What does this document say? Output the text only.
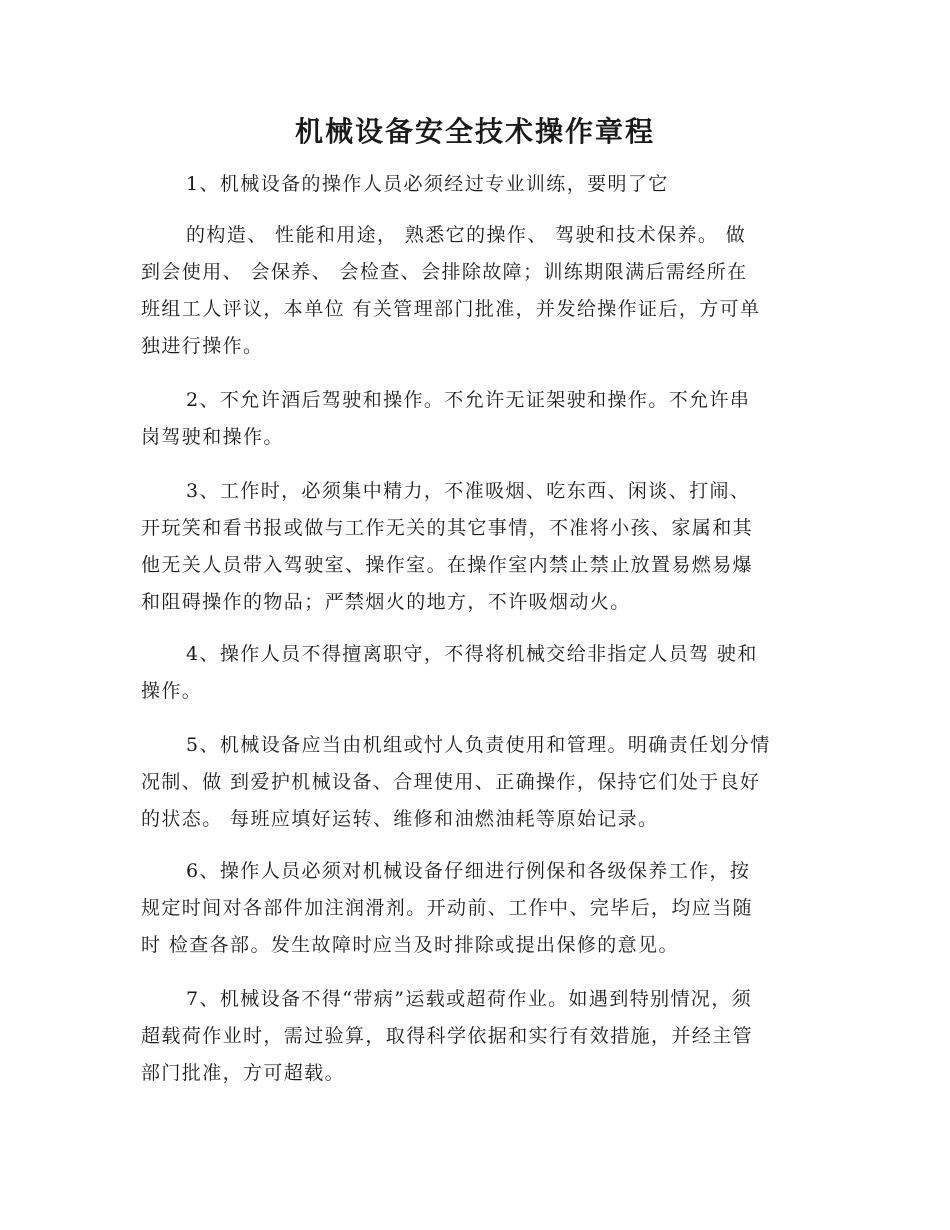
机械设备安全技术操作章程
1、机械设备的操作人员必须经过专业训练，要明了它
的构造、 性能和用途， 熟悉它的操作、 驾驶和技术保养。 做
到会使用、 会保养、 会检查、会排除故障；训练期限满后需经所在
班组工人评议，本单位 有关管理部门批准，并发给操作证后，方可单
独进行操作。
2、不允许酒后驾驶和操作。不允许无证架驶和操作。不允许串
岗驾驶和操作。
3、工作时，必须集中精力，不准吸烟、吃东西、闲谈、打闹、
开玩笑和看书报或做与工作无关的其它事情，不准将小孩、家属和其
他无关人员带入驾驶室、操作室。在操作室内禁止禁止放置易燃易爆
和阻碍操作的物品；严禁烟火的地方，不许吸烟动火。
4、操作人员不得擅离职守，不得将机械交给非指定人员驾 驶和
操作。
5、机械设备应当由机组或忖人负责使用和管理。明确责任划分情
况制、做 到爱护机械设备、合理使用、正确操作，保持它们处于良好
的状态。 每班应填好运转、维修和油燃油耗等原始记录。
6、操作人员必须对机械设备仔细进行例保和各级保养工作，按
规定时间对各部件加注润滑剂。开动前、工作中、完毕后，均应当随
时 检查各部。发生故障时应当及时排除或提出保修的意见。
7、机械设备不得“带病”运载或超荷作业。如遇到特别情况，须
超载荷作业时，需过验算，取得科学依据和实行有效措施，并经主管
部门批准，方可超载。
